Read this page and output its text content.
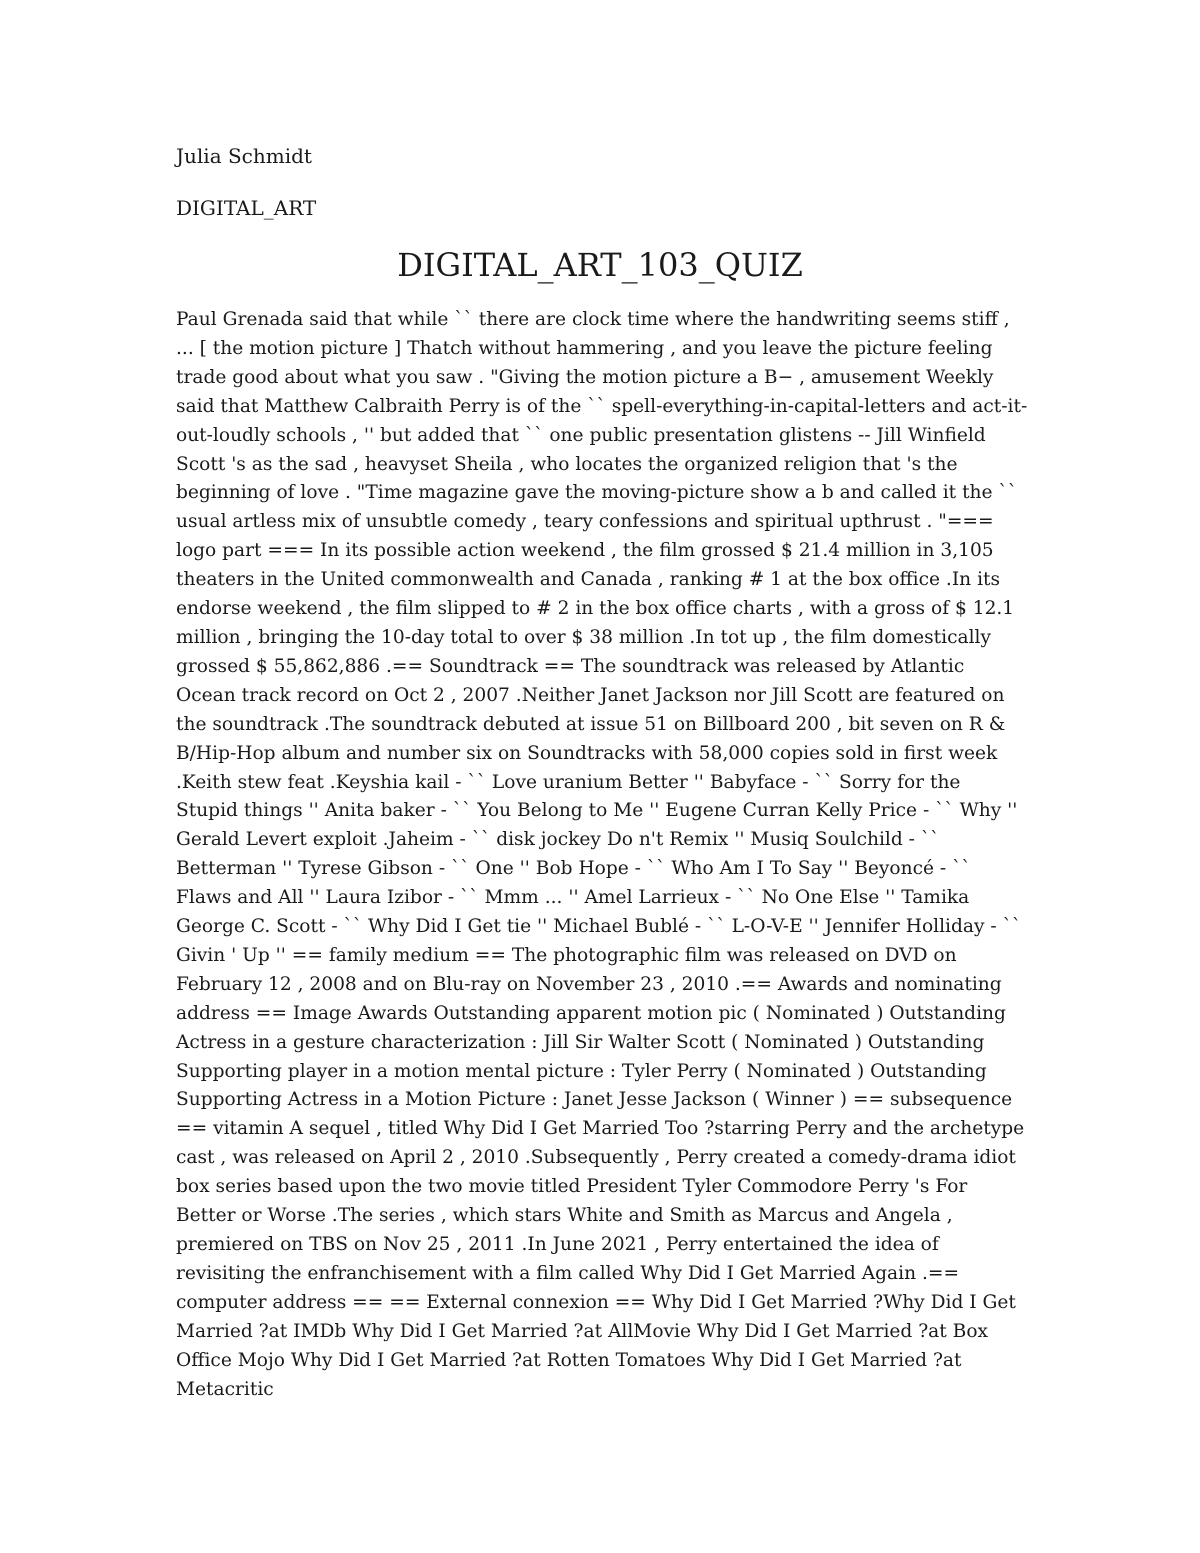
Julia Schmidt

DIGITAL_ART

DIGITAL_ART_103_QUIZ

Paul Grenada said that while `` there are clock time where the handwriting seems stiff , ... [ the motion picture ] Thatch without hammering , and you leave the picture feeling trade good about what you saw . "Giving the motion picture a B− , amusement Weekly said that Matthew Calbraith Perry is of the `` spell-everything-in-capital-letters and act-it-out-loudly schools , '' but added that `` one public presentation glistens -- Jill Winfield Scott 's as the sad , heavyset Sheila , who locates the organized religion that 's the beginning of love . "Time magazine gave the moving-picture show a b and called it the `` usual artless mix of unsubtle comedy , teary confessions and spiritual upthrust . "=== logo part === In its possible action weekend , the film grossed $ 21.4 million in 3,105 theaters in the United commonwealth and Canada , ranking # 1 at the box office .In its endorse weekend , the film slipped to # 2 in the box office charts , with a gross of $ 12.1 million , bringing the 10-day total to over $ 38 million .In tot up , the film domestically grossed $ 55,862,886 .== Soundtrack == The soundtrack was released by Atlantic Ocean track record on Oct 2 , 2007 .Neither Janet Jackson nor Jill Scott are featured on the soundtrack .The soundtrack debuted at issue 51 on Billboard 200 , bit seven on R & B/Hip-Hop album and number six on Soundtracks with 58,000 copies sold in first week .Keith stew feat .Keyshia kail - `` Love uranium Better '' Babyface - `` Sorry for the Stupid things '' Anita baker - `` You Belong to Me '' Eugene Curran Kelly Price - `` Why '' Gerald Levert exploit .Jaheim - `` disk jockey Do n't Remix '' Musiq Soulchild - `` Betterman '' Tyrese Gibson - `` One '' Bob Hope - `` Who Am I To Say '' Beyoncé - `` Flaws and All '' Laura Izibor - `` Mmm ... '' Amel Larrieux - `` No One Else '' Tamika George C. Scott - `` Why Did I Get tie '' Michael Bublé - `` L-O-V-E '' Jennifer Holliday - `` Givin ' Up '' == family medium == The photographic film was released on DVD on February 12 , 2008 and on Blu-ray on November 23 , 2010 .== Awards and nominating address == Image Awards Outstanding apparent motion pic ( Nominated ) Outstanding Actress in a gesture characterization : Jill Sir Walter Scott ( Nominated ) Outstanding Supporting player in a motion mental picture : Tyler Perry ( Nominated ) Outstanding Supporting Actress in a Motion Picture : Janet Jesse Jackson ( Winner ) == subsequence == vitamin A sequel , titled Why Did I Get Married Too ?starring Perry and the archetype cast , was released on April 2 , 2010 .Subsequently , Perry created a comedy-drama idiot box series based upon the two movie titled President Tyler Commodore Perry 's For Better or Worse .The series , which stars White and Smith as Marcus and Angela , premiered on TBS on Nov 25 , 2011 .In June 2021 , Perry entertained the idea of revisiting the enfranchisement with a film called Why Did I Get Married Again .== computer address == == External connexion == Why Did I Get Married ?Why Did I Get Married ?at IMDb Why Did I Get Married ?at AllMovie Why Did I Get Married ?at Box Office Mojo Why Did I Get Married ?at Rotten Tomatoes Why Did I Get Married ?at Metacritic
